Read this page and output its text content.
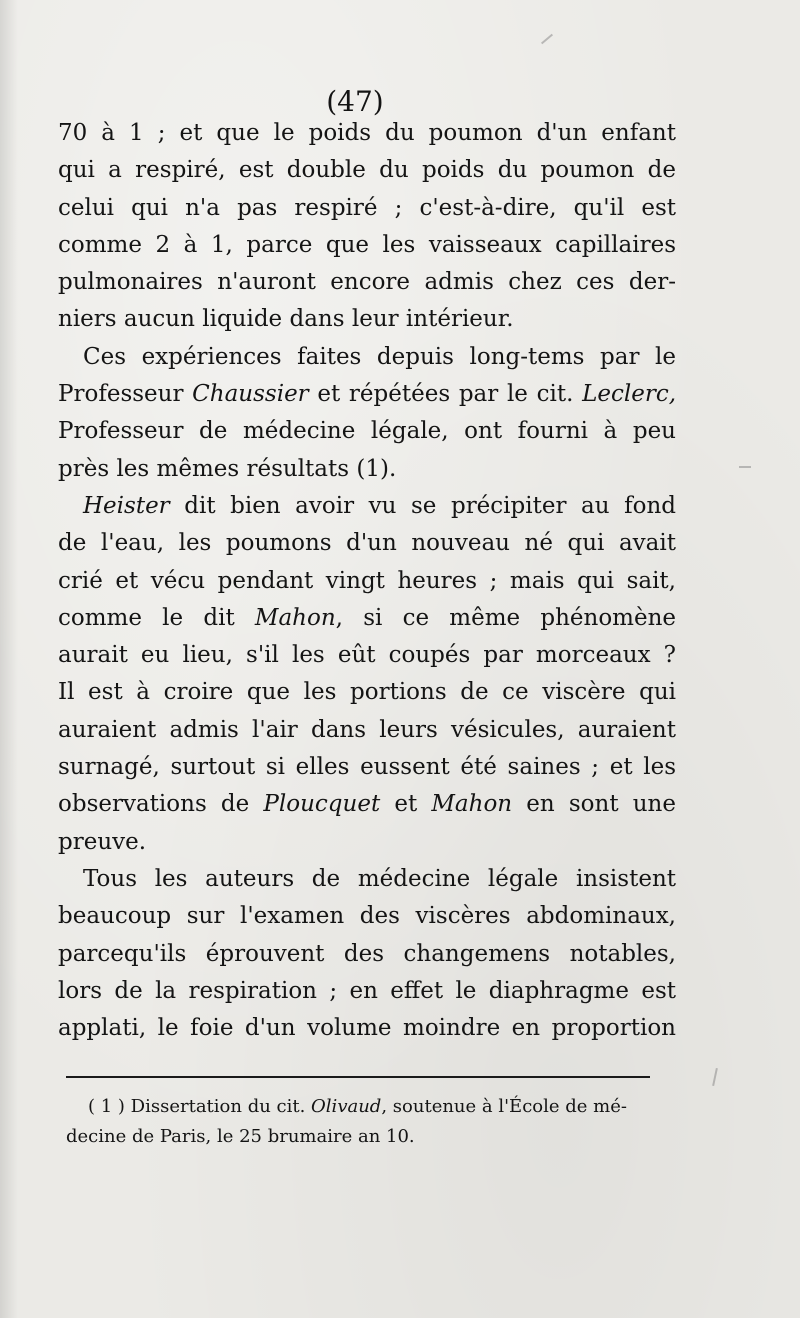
(47)
70 à 1 ; et que le poids du poumon d'un enfant
qui a respiré, est double du poids du poumon de
celui qui n'a pas respiré ; c'est-à-dire, qu'il est
comme 2 à 1, parce que les vaisseaux capillaires
pulmonaires n'auront encore admis chez ces der-
niers aucun liquide dans leur intérieur.
Ces expériences faites depuis long-tems par le
Professeur Chaussier et répétées par le cit. Leclerc,
Professeur de médecine légale, ont fourni à peu
près les mêmes résultats (1).
Heister dit bien avoir vu se précipiter au fond
de l'eau, les poumons d'un nouveau né qui avait
crié et vécu pendant vingt heures ; mais qui sait,
comme le dit Mahon, si ce même phénomène
aurait eu lieu, s'il les eût coupés par morceaux ?
Il est à croire que les portions de ce viscère qui
auraient admis l'air dans leurs vésicules, auraient
surnagé, surtout si elles eussent été saines ; et les
observations de Ploucquet et Mahon en sont une
preuve.
Tous les auteurs de médecine légale insistent
beaucoup sur l'examen des viscères abdominaux,
parcequ'ils éprouvent des changemens notables,
lors de la respiration ; en effet le diaphragme est
applati, le foie d'un volume moindre en proportion
( 1 ) Dissertation du cit. Olivaud, soutenue à l'École de mé-
decine de Paris, le 25 brumaire an 10.
